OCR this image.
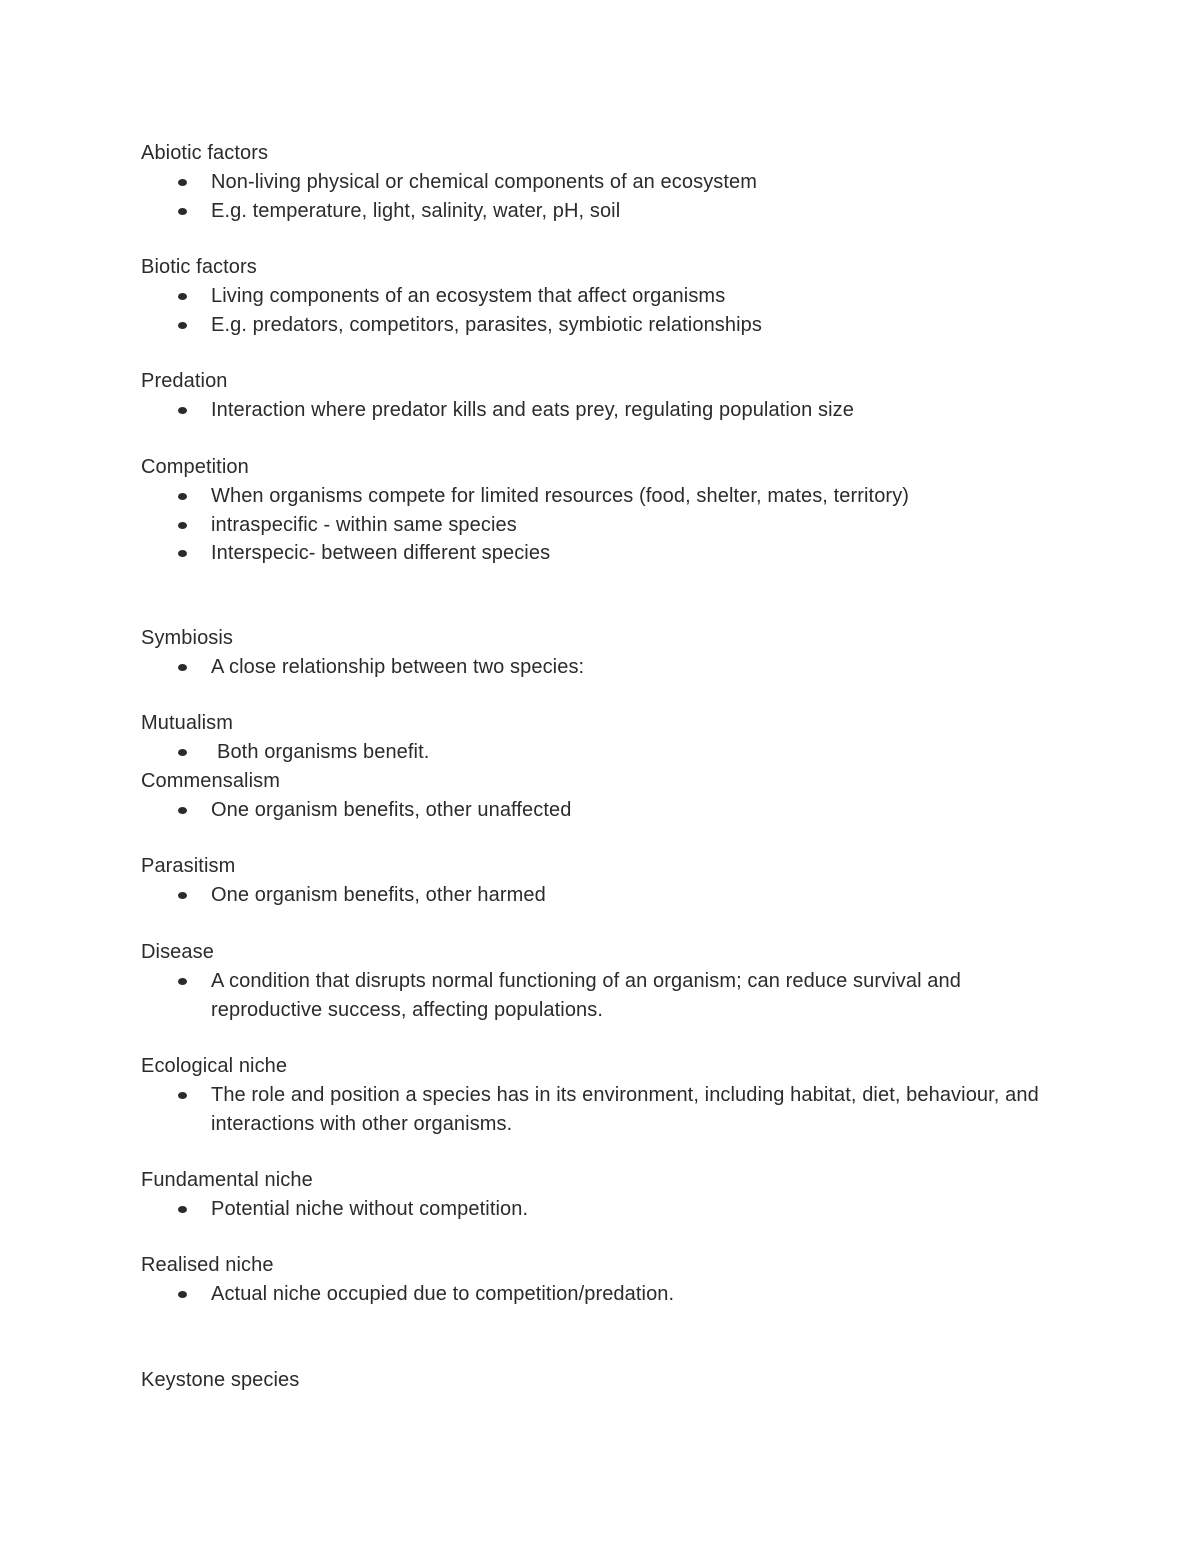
Abiotic factors
Non-living physical or chemical components of an ecosystem
E.g. temperature, light, salinity, water, pH, soil
Biotic factors
Living components of an ecosystem that affect organisms
E.g. predators, competitors, parasites, symbiotic relationships
Predation
Interaction where predator kills and eats prey, regulating population size
Competition
When organisms compete for limited resources (food, shelter, mates, territory)
intraspecific - within same species
Interspecic- between different species
Symbiosis
A close relationship between two species:
Mutualism
Both organisms benefit.
Commensalism
One organism benefits, other unaffected
Parasitism
One organism benefits, other harmed
Disease
A condition that disrupts normal functioning of an organism; can reduce survival and reproductive success, affecting populations.
Ecological niche
The role and position a species has in its environment, including habitat, diet, behaviour, and interactions with other organisms.
Fundamental niche
Potential niche without competition.
Realised niche
Actual niche occupied due to competition/predation.
Keystone species
